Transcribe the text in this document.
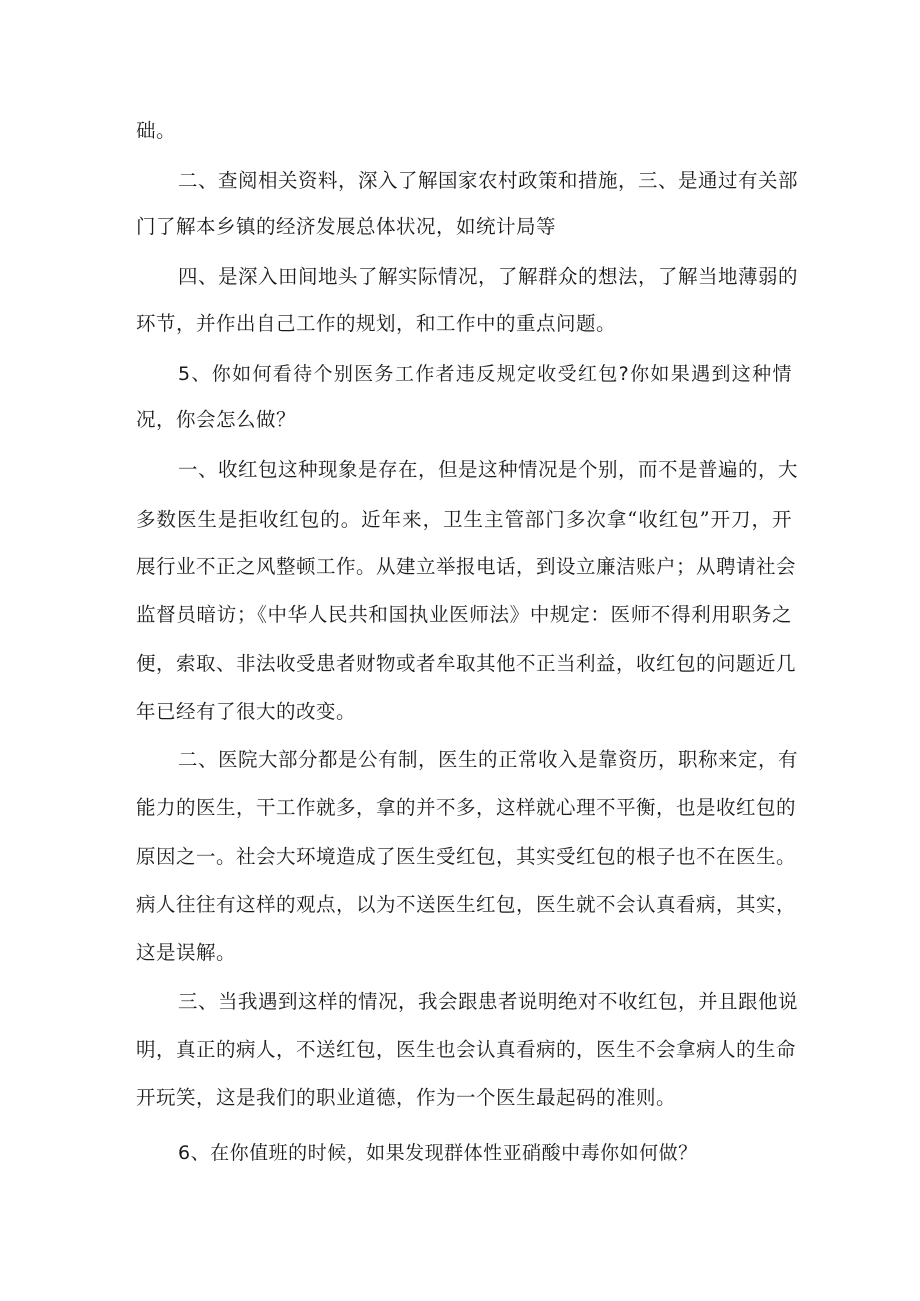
础。
二、查阅相关资料，深入了解国家农村政策和措施，三、是通过有关部
门了解本乡镇的经济发展总体状况，如统计局等
四、是深入田间地头了解实际情况，了解群众的想法，了解当地薄弱的
环节，并作出自己工作的规划，和工作中的重点问题。
5、你如何看待个别医务工作者违反规定收受红包?你如果遇到这种情
况，你会怎么做？
一、收红包这种现象是存在，但是这种情况是个别，而不是普遍的，大
多数医生是拒收红包的。近年来，卫生主管部门多次拿“收红包”开刀，开
展行业不正之风整顿工作。从建立举报电话，到设立廉洁账户；从聘请社会
监督员暗访；《中华人民共和国执业医师法》中规定：医师不得利用职务之
便，索取、非法收受患者财物或者牟取其他不正当利益，收红包的问题近几
年已经有了很大的改变。
二、医院大部分都是公有制，医生的正常收入是靠资历，职称来定，有
能力的医生，干工作就多，拿的并不多，这样就心理不平衡，也是收红包的
原因之一。社会大环境造成了医生受红包，其实受红包的根子也不在医生。
病人往往有这样的观点，以为不送医生红包，医生就不会认真看病，其实，
这是误解。
三、当我遇到这样的情况，我会跟患者说明绝对不收红包，并且跟他说
明，真正的病人，不送红包，医生也会认真看病的，医生不会拿病人的生命
开玩笑，这是我们的职业道德，作为一个医生最起码的准则。
6、在你值班的时候，如果发现群体性亚硝酸中毒你如何做？
